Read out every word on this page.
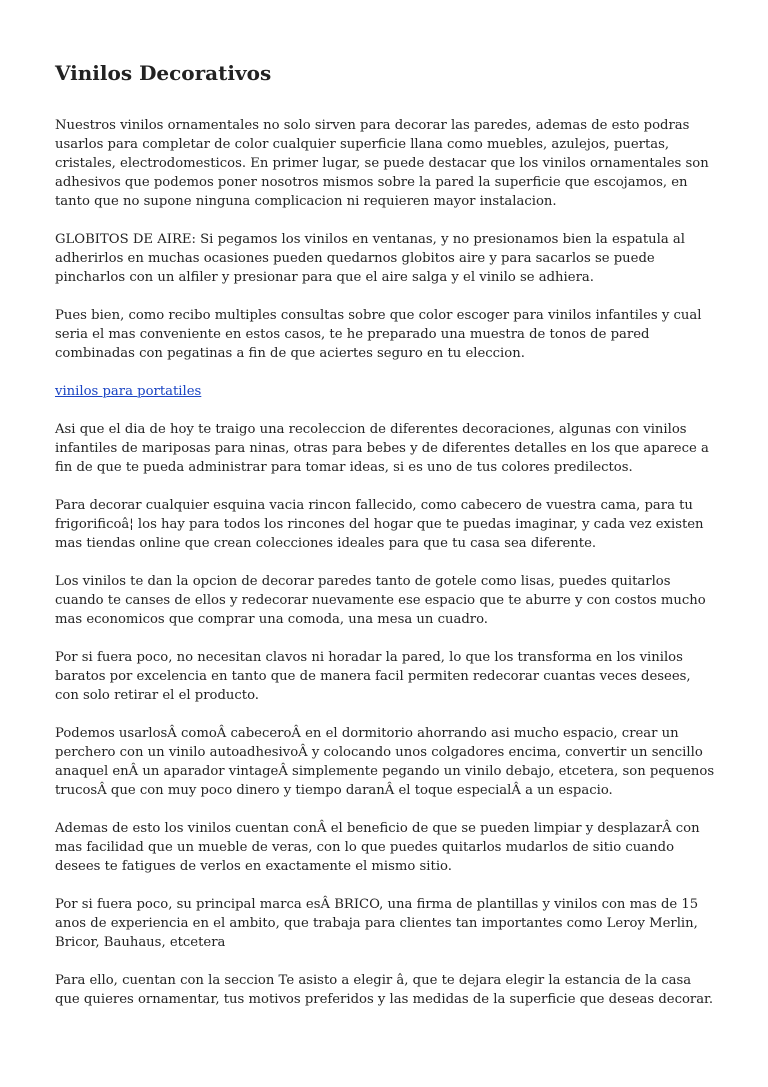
Vinilos Decorativos

Nuestros vinilos ornamentales no solo sirven para decorar las paredes, ademas de esto podras usarlos para completar de color cualquier superficie llana como muebles, azulejos, puertas, cristales, electrodomesticos. En primer lugar, se puede destacar que los vinilos ornamentales son adhesivos que podemos poner nosotros mismos sobre la pared la superficie que escojamos, en tanto que no supone ninguna complicacion ni requieren mayor instalacion.

GLOBITOS DE AIRE: Si pegamos los vinilos en ventanas, y no presionamos bien la espatula al adherirlos en muchas ocasiones pueden quedarnos globitos aire y para sacarlos se puede pincharlos con un alfiler y presionar para que el aire salga y el vinilo se adhiera.

Pues bien, como recibo multiples consultas sobre que color escoger para vinilos infantiles y cual seria el mas conveniente en estos casos, te he preparado una muestra de tonos de pared combinadas con pegatinas a fin de que aciertes seguro en tu eleccion.

vinilos para portatiles

Asi que el dia de hoy te traigo una recoleccion de diferentes decoraciones, algunas con vinilos infantiles de mariposas para ninas, otras para bebes y de diferentes detalles en los que aparece a fin de que te pueda administrar para tomar ideas, si es uno de tus colores predilectos.

Para decorar cualquier esquina vacia rincon fallecido, como cabecero de vuestra cama, para tu frigorificoâ¦ los hay para todos los rincones del hogar que te puedas imaginar, y cada vez existen mas tiendas online que crean colecciones ideales para que tu casa sea diferente.

Los vinilos te dan la opcion de decorar paredes tanto de gotele como lisas, puedes quitarlos cuando te canses de ellos y redecorar nuevamente ese espacio que te aburre y con costos mucho mas economicos que comprar una comoda, una mesa un cuadro.

Por si fuera poco, no necesitan clavos ni horadar la pared, lo que los transforma en los vinilos baratos por excelencia en tanto que de manera facil permiten redecorar cuantas veces desees, con solo retirar el el producto.

Podemos usarlosÂ comoÂ cabeceroÂ en el dormitorio ahorrando asi mucho espacio, crear un perchero con un vinilo autoadhesivoÂ y colocando unos colgadores encima, convertir un sencillo anaquel enÂ un aparador vintageÂ simplemente pegando un vinilo debajo, etcetera, son pequenos trucosÂ que con muy poco dinero y tiempo daranÂ el toque especialÂ a un espacio.

Ademas de esto los vinilos cuentan conÂ el beneficio de que se pueden limpiar y desplazarÂ con mas facilidad que un mueble de veras, con lo que puedes quitarlos mudarlos de sitio cuando desees te fatigues de verlos en exactamente el mismo sitio.

Por si fuera poco, su principal marca esÂ BRICO, una firma de plantillas y vinilos con mas de 15 anos de experiencia en el ambito, que trabaja para clientes tan importantes como Leroy Merlin, Bricor, Bauhaus, etcetera

Para ello, cuentan con la seccion Te asisto a elegir â, que te dejara elegir la estancia de la casa que quieres ornamentar, tus motivos preferidos y las medidas de la superficie que deseas decorar.
